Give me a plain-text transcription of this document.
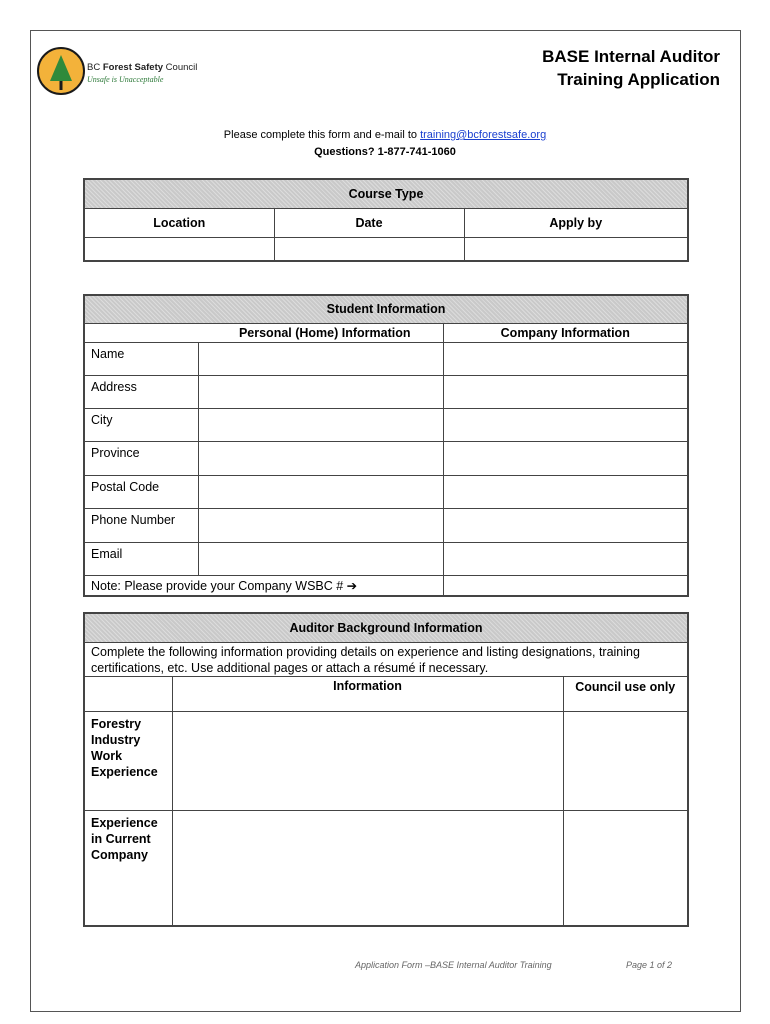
BC Forest Safety Council
Unsafe is Unacceptable
BASE Internal Auditor
Training Application
Please complete this form and e-mail to training@bcforestsafe.org
Questions? 1-877-741-1060
Course Type		
Location	Date	Apply by

Student Information		
Personal (Home) Information		Company Information
Name		
Address		
City		
Province		
Postal Code		
Phone Number		
Email		
Note: Please provide your Company WSBC # ➔		
Auditor Background Information		
Complete the following information providing details on experience and listing designations, training certifications, etc. Use additional pages or attach a résumé if necessary.		
	Information	Council use only
Forestry Industry Work Experience		
Experience in Current Company		
Application Form –BASE Internal Auditor Training	Page 1 of 2
